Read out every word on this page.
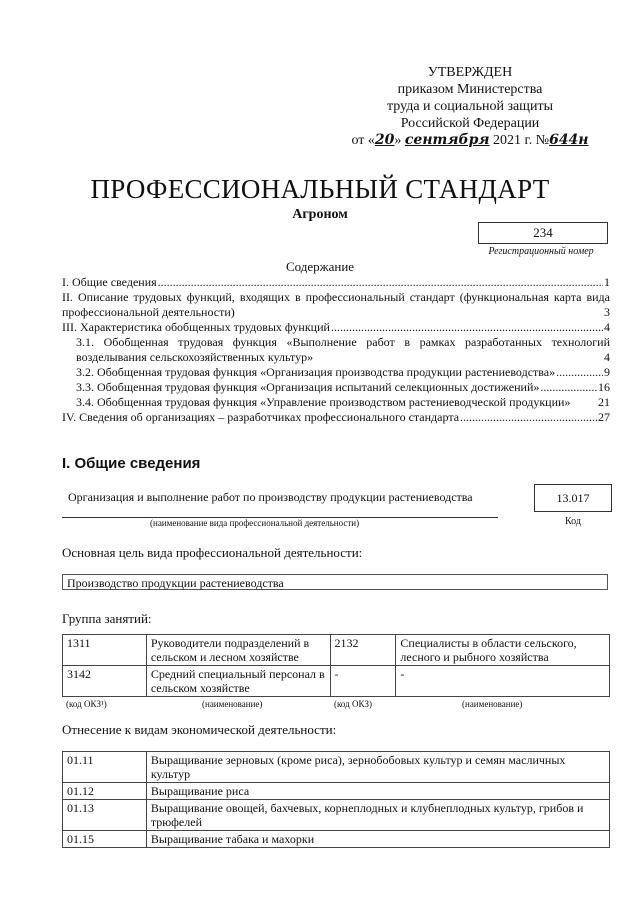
УТВЕРЖДЕН
приказом Министерства
труда и социальной защиты
Российской Федерации
от «20» сентября 2021 г. №644н
ПРОФЕССИОНАЛЬНЫЙ СТАНДАРТ
Агроном
234
Регистрационный номер
Содержание
I. Общие сведения .....	1
II. Описание трудовых функций, входящих в профессиональный стандарт (функциональная карта вида профессиональной деятельности)	3
III. Характеристика обобщенных трудовых функций .....	4
3.1. Обобщенная трудовая функция «Выполнение работ в рамках разработанных технологий возделывания сельскохозяйственных культур»	4
3.2. Обобщенная трудовая функция «Организация производства продукции растениеводства» .....	9
3.3. Обобщенная трудовая функция «Организация испытаний селекционных достижений» .....	16
3.4. Обобщенная трудовая функция «Управление производством растениеводческой продукции» 21
IV. Сведения об организациях – разработчиках профессионального стандарта .....	27
I. Общие сведения
Организация и выполнение работ по производству продукции растениеводства
(наименование вида профессиональной деятельности)
13.017
Код
Основная цель вида профессиональной деятельности:
Производство продукции растениеводства
Группа занятий:
1311	Руководители подразделений в сельском и лесном хозяйстве	2132	Специалисты в области сельского, лесного и рыбного хозяйства
3142	Средний специальный персонал в сельском хозяйстве	-	-
(код ОКЗ¹)	(наименование)	(код ОКЗ)	(наименование)
Отнесение к видам экономической деятельности:
01.11	Выращивание зерновых (кроме риса), зернобобовых культур и семян масличных культур
01.12	Выращивание риса
01.13	Выращивание овощей, бахчевых, корнеплодных и клубнеплодных культур, грибов и трюфелей
01.15	Выращивание табака и махорки
